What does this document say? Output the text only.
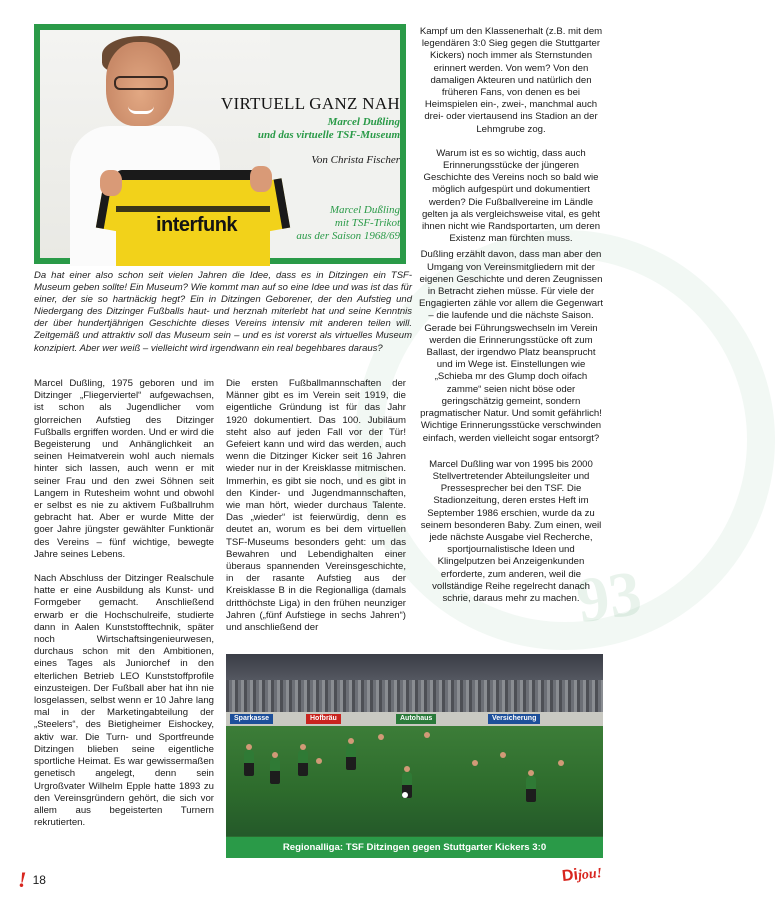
93
interfunk
VIRTUELL GANZ NAH
Marcel Dußling
und das virtuelle TSF-Museum
Von Christa Fischer
Marcel Dußling
mit TSF-Trikot
aus der Saison 1968/69

Da hat einer also schon seit vielen Jahren die Idee, dass es in Ditzingen ein TSF-Museum geben sollte! Ein Museum? Wie kommt man auf so eine Idee und was ist das für einer, der sie so hartnäckig hegt? Ein in Ditzingen Geborener, der den Aufstieg und Niedergang des Ditzinger Fußballs haut- und herznah miterlebt hat und seine Kenntnis der über hundertjährigen Geschichte dieses Vereins intensiv mit anderen teilen will. Zeitgemäß und attraktiv soll das Museum sein – und es ist vorerst als virtuelles Museum konzipiert. Aber wer weiß – vielleicht wird irgendwann ein real begehbares daraus?

Marcel Dußling, 1975 geboren und im Ditzinger „Fliegerviertel“ aufgewachsen, ist schon als Jugendlicher vom glorreichen Aufstieg des Ditzinger Fußballs ergriffen worden. Und er wird die Begeisterung und Anhänglichkeit an seinen Heimatverein wohl auch niemals hinter sich lassen, auch wenn er mit seiner Frau und den zwei Söhnen seit Langem in Rutesheim wohnt und obwohl er selbst es nie zu aktivem Fußballruhm gebracht hat. Aber er wurde Mitte der goer Jahre jüngster gewählter Funktionär des Vereins – fünf wichtige, bewegte Jahre seines Lebens.

Nach Abschluss der Ditzinger Realschule hatte er eine Ausbildung als Kunst- und Formgeber gemacht. Anschließend erwarb er die Hochschulreife, studierte dann in Aalen Kunststofftechnik, später noch Wirtschaftsingenieurwesen, durchaus schon mit den Ambitionen, eines Tages als Juniorchef in den elterlichen Betrieb LEO Kunststoffprofile einzusteigen. Der Fußball aber hat ihn nie losgelassen, selbst wenn er 10 Jahre lang mal in der Marketingabteilung der „Steelers“, des Bietigheimer Eishockey, aktiv war. Die Turn- und Sportfreunde Ditzingen blieben seine eigentliche sportliche Heimat. Es war gewissermaßen genetisch angelegt, denn sein Urgroßvater Wilhelm Epple hatte 1893 zu den Vereinsgründern gehört, die sich vor allem aus begeisterten Turnern rekrutierten.

Die ersten Fußballmannschaften der Männer gibt es im Verein seit 1919, die eigentliche Gründung ist für das Jahr 1920 dokumentiert. Das 100. Jubiläum steht also auf jeden Fall vor der Tür! Gefeiert kann und wird das werden, auch wenn die Ditzinger Kicker seit 16 Jahren wieder nur in der Kreisklasse mitmischen. Immerhin, es gibt sie noch, und es gibt in den Kinder- und Jugendmannschaften, wie man hört, wieder durchaus Talente. Das „wieder“ ist feierwürdig, denn es deutet an, worum es bei dem virtuellen TSF-Museums besonders geht: um das Bewahren und Lebendighalten einer überaus spannenden Vereinsgeschichte, in der rasante Aufstieg aus der Kreisklasse B in die Regionalliga (damals dritthöchste Liga) in den frühen neunziger Jahren („fünf Aufstiege in sechs Jahren“) und anschließend der

Kampf um den Klassenerhalt (z.B. mit dem legendären 3:0 Sieg gegen die Stuttgarter Kickers) noch immer als Sternstunden erinnert werden. Von wem? Von den damaligen Akteuren und natürlich den früheren Fans, von denen es bei Heimspielen ein-, zwei-, manchmal auch drei- oder viertausend ins Stadion an der Lehmgrube zog.

Warum ist es so wichtig, dass auch Erinnerungsstücke der jüngeren Geschichte des Vereins noch so bald wie möglich aufgespürt und dokumentiert werden? Die Fußballvereine im Ländle gelten ja als vergleichsweise vital, es geht ihnen nicht wie Randsportarten, um deren Existenz man fürchten muss.

Dußling erzählt davon, dass man aber den Umgang von Vereinsmitgliedern mit der eigenen Geschichte und deren Zeugnissen in Betracht ziehen müsse. Für viele der Engagierten zähle vor allem die Gegenwart – die laufende und die nächste Saison. Gerade bei Führungswechseln im Verein werden die Erinnerungsstücke oft zum Ballast, der irgendwo Platz beansprucht und im Wege ist. Einstellungen wie „Schieba mr des Glump doch oifach zamme“ seien nicht böse oder geringschätzig gemeint, sondern pragmatischer Natur. Und somit gefährlich! Wichtige Erinnerungsstücke verschwinden einfach, werden vielleicht sogar entsorgt?

Marcel Dußling war von 1995 bis 2000 Stellvertretender Abteilungsleiter und Pressesprecher bei den TSF. Die Stadionzeitung, deren erstes Heft im September 1986 erschien, wurde da zu seinem besonderen Baby. Zum einen, weil jede nächste Ausgabe viel Recherche, sportjournalistische Ideen und Klingelputzen bei Anzeigenkunden erforderte, zum anderen, weil die vollständige Reihe regelrecht danach schrie, daraus mehr zu machen.

Sparkasse	Hofbräu	Autohaus	Versicherung
Regionalliga: TSF Ditzingen gegen Stuttgarter Kickers 3:0
! 18	Di
jou!
